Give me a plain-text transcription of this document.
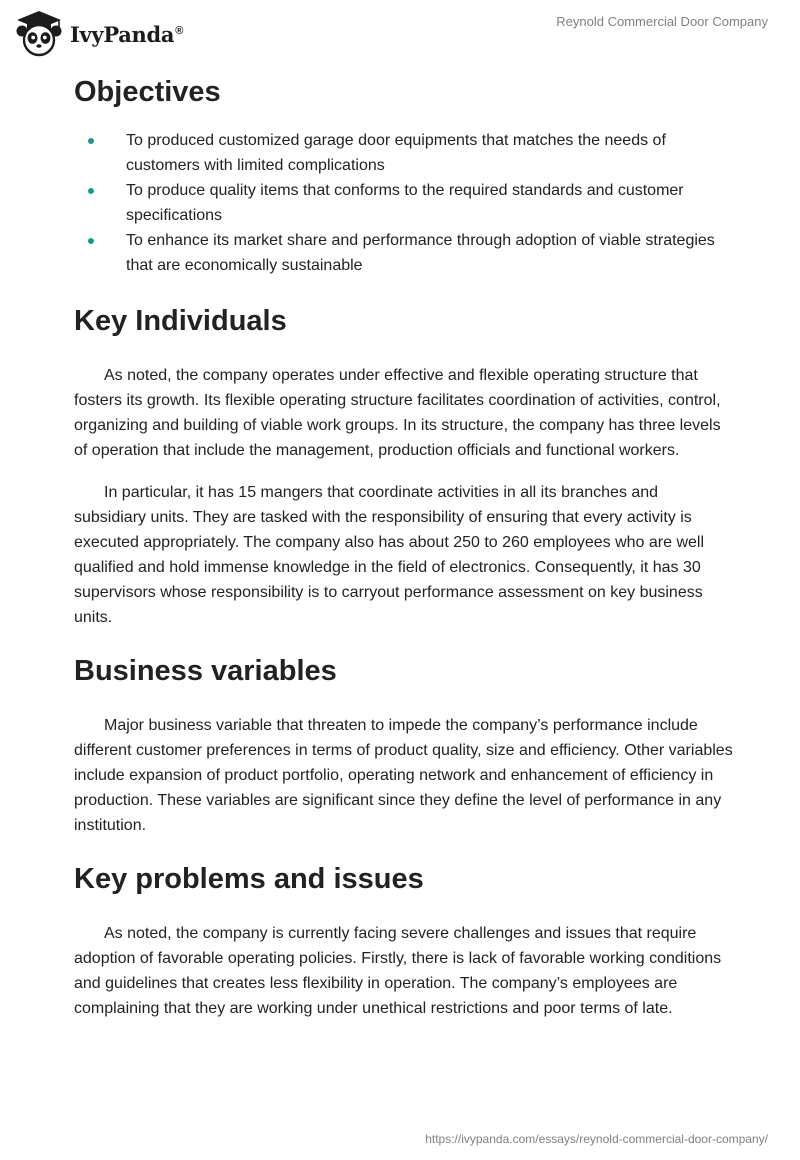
IvyPanda®
Reynold Commercial Door Company
Objectives
To produced customized garage door equipments that matches the needs of customers with limited complications
To produce quality items that conforms to the required standards and customer specifications
To enhance its market share and performance through adoption of viable strategies that are economically sustainable
Key Individuals

As noted, the company operates under effective and flexible operating structure that fosters its growth. Its flexible operating structure facilitates coordination of activities, control, organizing and building of viable work groups. In its structure, the company has three levels of operation that include the management, production officials and functional workers.

In particular, it has 15 mangers that coordinate activities in all its branches and subsidiary units. They are tasked with the responsibility of ensuring that every activity is executed appropriately. The company also has about 250 to 260 employees who are well qualified and hold immense knowledge in the field of electronics. Consequently, it has 30 supervisors whose responsibility is to carryout performance assessment on key business units.

Business variables

Major business variable that threaten to impede the company’s performance include different customer preferences in terms of product quality, size and efficiency. Other variables include expansion of product portfolio, operating network and enhancement of efficiency in production. These variables are significant since they define the level of performance in any institution.

Key problems and issues

As noted, the company is currently facing severe challenges and issues that require adoption of favorable operating policies. Firstly, there is lack of favorable working conditions and guidelines that creates less flexibility in operation. The company’s employees are complaining that they are working under unethical restrictions and poor terms of late.

https://ivypanda.com/essays/reynold-commercial-door-company/
